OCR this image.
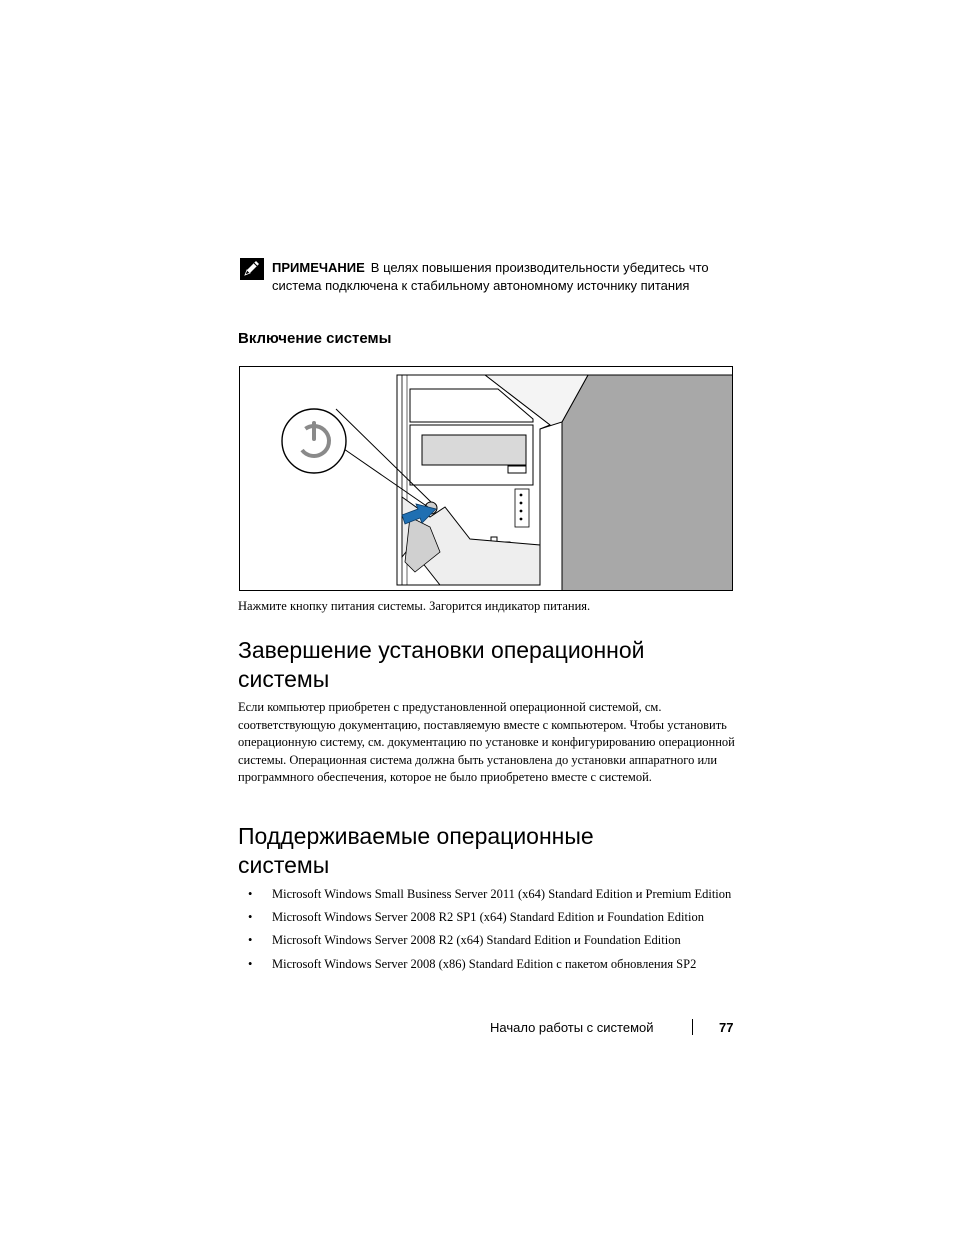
ПРИМЕЧАНИЕ В целях повышения производительности убедитесь что система подключена к стабильному автономному источнику питания
Включение системы
Нажмите кнопку питания системы. Загорится индикатор питания.
Завершение установки операционной
системы
Если компьютер приобретен с предустановленной операционной системой, см. соответствующую документацию, поставляемую вместе с компьютером. Чтобы установить операционную систему, см. документацию по установке и конфигурированию операционной системы. Операционная система должна быть установлена до установки аппаратного или программного обеспечения, которое не было приобретено вместе с системой.
Поддерживаемые операционные
системы
• Microsoft Windows Small Business Server 2011 (x64) Standard Edition и Premium Edition
• Microsoft Windows Server 2008 R2 SP1 (x64) Standard Edition и Foundation Edition
• Microsoft Windows Server 2008 R2 (x64) Standard Edition и Foundation Edition
• Microsoft Windows Server 2008 (x86) Standard Edition с пакетом обновления SP2
Начало работы с системой	77
